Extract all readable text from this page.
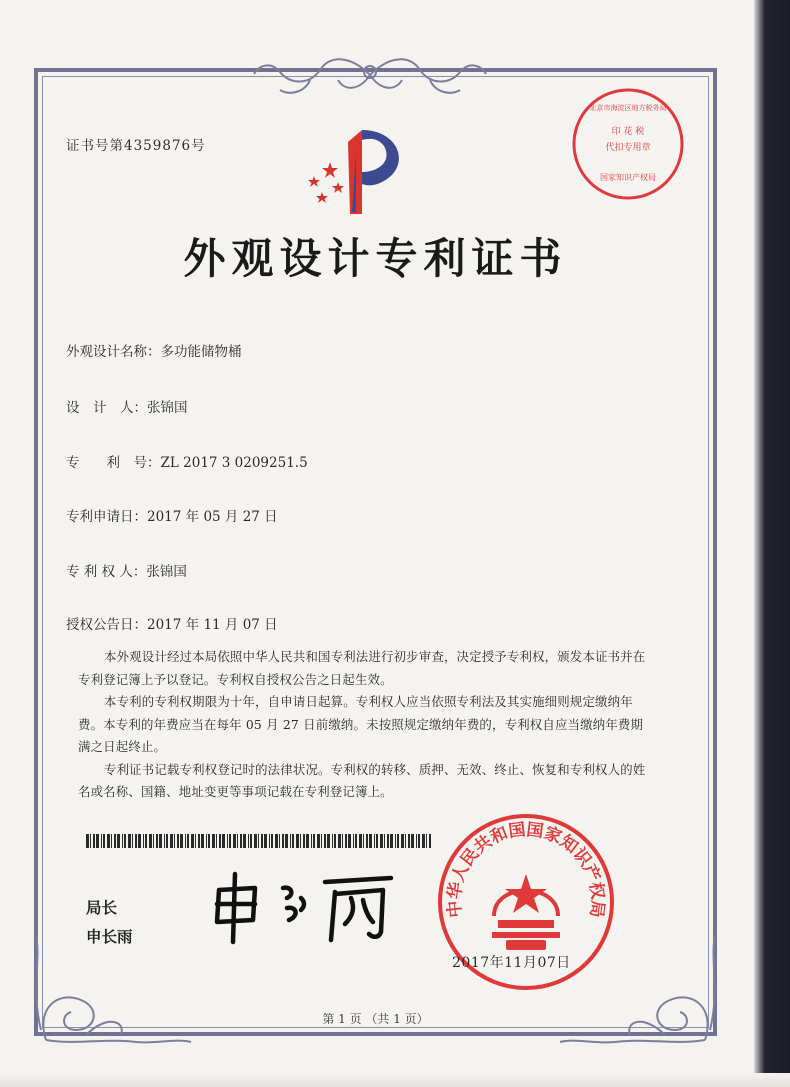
证书号第4359876号
外观设计专利证书
外观设计名称：多功能储物桶
设　计　人：张锦国
专　　利　号：ZL 2017 3 0209251.5
专利申请日：2017 年 05 月 27 日
专 利 权 人：张锦国
授权公告日：2017 年 11 月 07 日

本外观设计经过本局依照中华人民共和国专利法进行初步审查，决定授予专利权，颁发本证书并在专利登记簿上予以登记。专利权自授权公告之日起生效。

本专利的专利权期限为十年，自申请日起算。专利权人应当依照专利法及其实施细则规定缴纳年费。本专利的年费应当在每年 05 月 27 日前缴纳。未按照规定缴纳年费的，专利权自应当缴纳年费期满之日起终止。

专利证书记载专利权登记时的法律状况。专利权的转移、质押、无效、终止、恢复和专利权人的姓名或名称、国籍、地址变更等事项记载在专利登记簿上。

局长
申长雨
印 花 税
代扣专用章
国家知识产权局
北京市海淀区地方税务局
中华人民共和国国家知识产权局
2017年11月07日
第 1 页 （共 1 页）
